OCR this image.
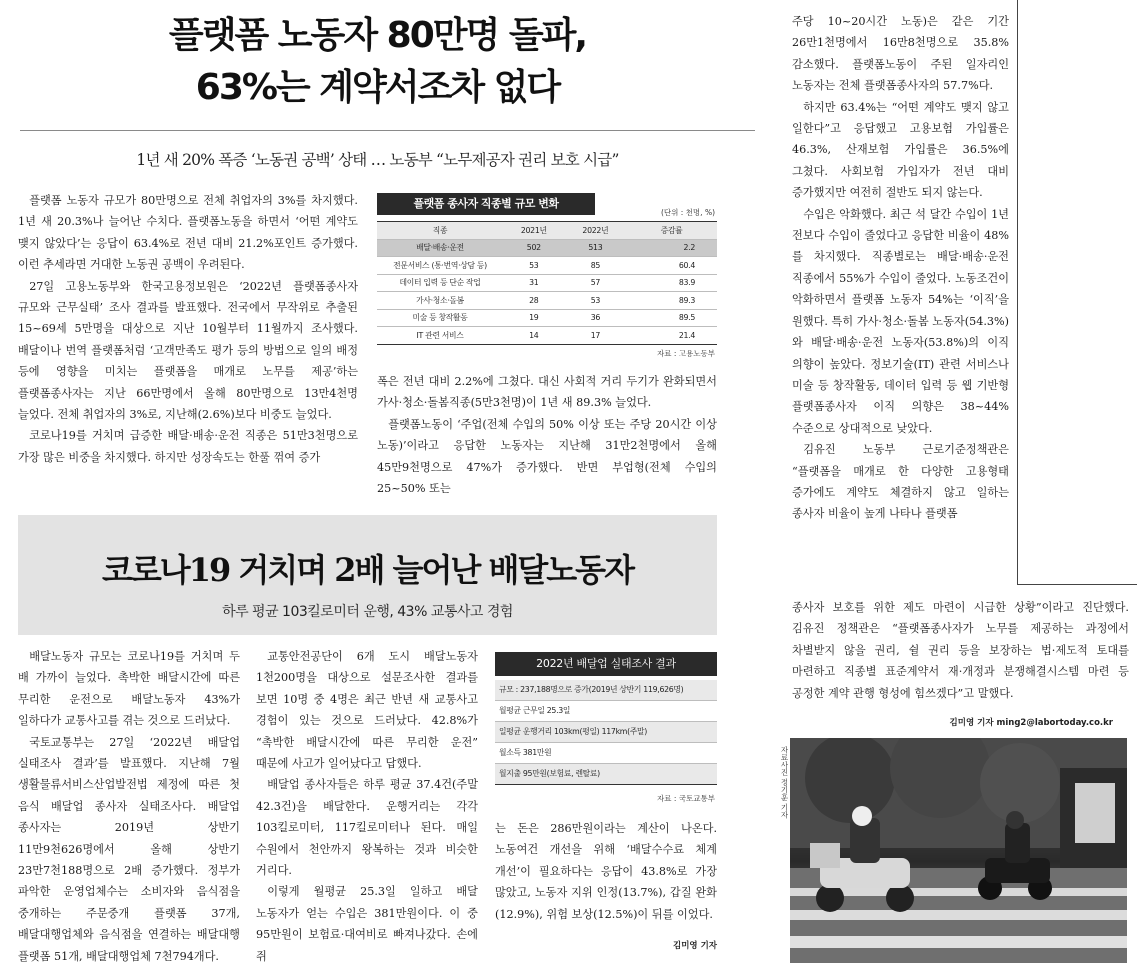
플랫폼 노동자 80만명 돌파,
63%는 계약서조차 없다
1년 새 20% 폭증 ‘노동권 공백’ 상태 … 노동부 “노무제공자 권리 보호 시급”

플랫폼 노동자 규모가 80만명으로 전체 취업자의 3%를 차지했다. 1년 새 20.3%나 늘어난 수치다. 플랫폼노동을 하면서 ‘어떤 계약도 맺지 않았다’는 응답이 63.4%로 전년 대비 21.2%포인트 증가했다. 이런 추세라면 거대한 노동권 공백이 우려된다.

27일 고용노동부와 한국고용정보원은 ‘2022년 플랫폼종사자 규모와 근무실태’ 조사 결과를 발표했다. 전국에서 무작위로 추출된 15~69세 5만명을 대상으로 지난 10월부터 11월까지 조사했다. 배달이나 번역 플랫폼처럼 ‘고객만족도 평가 등의 방법으로 일의 배정 등에 영향을 미치는 플랫폼을 매개로 노무를 제공’하는 플랫폼종사자는 지난 66만명에서 올해 80만명으로 13만4천명 늘었다. 전체 취업자의 3%로, 지난해(2.6%)보다 비중도 늘었다.

코로나19를 거치며 급증한 배달·배송·운전 직종은 51만3천명으로 가장 많은 비중을 차지했다. 하지만 성장속도는 한풀 꺾여 증가

플랫폼 종사자 직종별 규모 변화
(단위 : 천명, %)
직종	2021년	2022년	증감률
배달·배송·운전	502	513	2.2
전문서비스 (통·번역·상담 등)	53	85	60.4
데이터 입력 등 단순 작업	31	57	83.9
가사·청소·돌봄	28	53	89.3
미술 등 창작활동	19	36	89.5
IT 관련 서비스	14	17	21.4
자료 : 고용노동부

폭은 전년 대비 2.2%에 그쳤다. 대신 사회적 거리 두기가 완화되면서 가사·청소·돌봄직종(5만3천명)이 1년 새 89.3% 늘었다.

플랫폼노동이 ‘주업(전체 수입의 50% 이상 또는 주당 20시간 이상 노동)’이라고 응답한 노동자는 지난해 31만2천명에서 올해 45만9천명으로 47%가 증가했다. 반면 부업형(전체 수입의 25~50% 또는

주당 10~20시간 노동)은 같은 기간 26만1천명에서 16만8천명으로 35.8% 감소했다. 플랫폼노동이 주된 일자리인 노동자는 전체 플랫폼종사자의 57.7%다.

하지만 63.4%는 “어떤 계약도 맺지 않고 일한다”고 응답했고 고용보험 가입률은 46.3%, 산재보험 가입률은 36.5%에 그쳤다. 사회보험 가입자가 전년 대비 증가했지만 여전히 절반도 되지 않는다.

수입은 악화했다. 최근 석 달간 수입이 1년 전보다 수입이 줄었다고 응답한 비율이 48%를 차지했다. 직종별로는 배달·배송·운전 직종에서 55%가 수입이 줄었다. 노동조건이 악화하면서 플랫폼 노동자 54%는 ‘이직’을 원했다. 특히 가사·청소·돌봄 노동자(54.3%)와 배달·배송·운전 노동자(53.8%)의 이직 의향이 높았다. 정보기술(IT) 관련 서비스나 미술 등 창작활동, 데이터 입력 등 웹 기반형 플랫폼종사자 이직 의향은 38~44% 수준으로 상대적으로 낮았다.

김유진 노동부 근로기준정책관은 “플랫폼을 매개로 한 다양한 고용형태 증가에도 계약도 체결하지 않고 일하는 종사자 비율이 높게 나타나 플랫폼

종사자 보호를 위한 제도 마련이 시급한 상황”이라고 진단했다. 김유진 정책관은 “플랫폼종사자가 노무를 제공하는 과정에서 차별받지 않을 권리, 쉴 권리 등을 보장하는 법·제도적 토대를 마련하고 직종별 표준계약서 재·개정과 분쟁해결시스템 마련 등 공정한 계약 관행 형성에 힘쓰겠다”고 말했다.

김미영 기자 ming2@labortoday.co.kr
자료사진 정기훈 기자
코로나19 거치며 2배 늘어난 배달노동자
하루 평균 103킬로미터 운행, 43% 교통사고 경험

배달노동자 규모는 코로나19를 거치며 두 배 가까이 늘었다. 촉박한 배달시간에 따른 무리한 운전으로 배달노동자 43%가 일하다가 교통사고를 겪는 것으로 드러났다.

국토교통부는 27일 ‘2022년 배달업 실태조사 결과’를 발표했다. 지난해 7월 생활물류서비스산업발전법 제정에 따른 첫 음식 배달업 종사자 실태조사다. 배달업 종사자는 2019년 상반기 11만9천626명에서 올해 상반기 23만7천188명으로 2배 증가했다. 정부가 파악한 운영업체수는 소비자와 음식점을 중개하는 주문중개 플랫폼 37개, 배달대행업체와 음식점을 연결하는 배달대행 플랫폼 51개, 배달대행업체 7천794개다.

교통안전공단이 6개 도시 배달노동자 1천200명을 대상으로 설문조사한 결과를 보면 10명 중 4명은 최근 반년 새 교통사고 경험이 있는 것으로 드러났다. 42.8%가 “촉박한 배달시간에 따른 무리한 운전” 때문에 사고가 일어났다고 답했다.

배달업 종사자들은 하루 평균 37.4건(주말 42.3건)을 배달한다. 운행거리는 각각 103킬로미터, 117킬로미터나 된다. 매일 수원에서 천안까지 왕복하는 것과 비슷한 거리다.

이렇게 월평균 25.3일 일하고 배달 노동자가 얻는 수입은 381만원이다. 이 중 95만원이 보험료·대여비로 빠져나갔다. 손에 쥐

2022년 배달업 실태조사 결과
규모 : 237,188명으로 증가(2019년 상반기 119,626명)
월평균 근무일 25.3일
일평균 운행거리 103km(평일) 117km(주말)
월소득 381만원
월지출 95만원(보험료, 렌탈료)
자료 : 국토교통부

는 돈은 286만원이라는 계산이 나온다. 노동여건 개선을 위해 ‘배달수수료 체계 개선’이 필요하다는 응답이 43.8%로 가장 많았고, 노동자 지위 인정(13.7%), 갑질 완화(12.9%), 위험 보상(12.5%)이 뒤를 이었다.

김미영 기자
